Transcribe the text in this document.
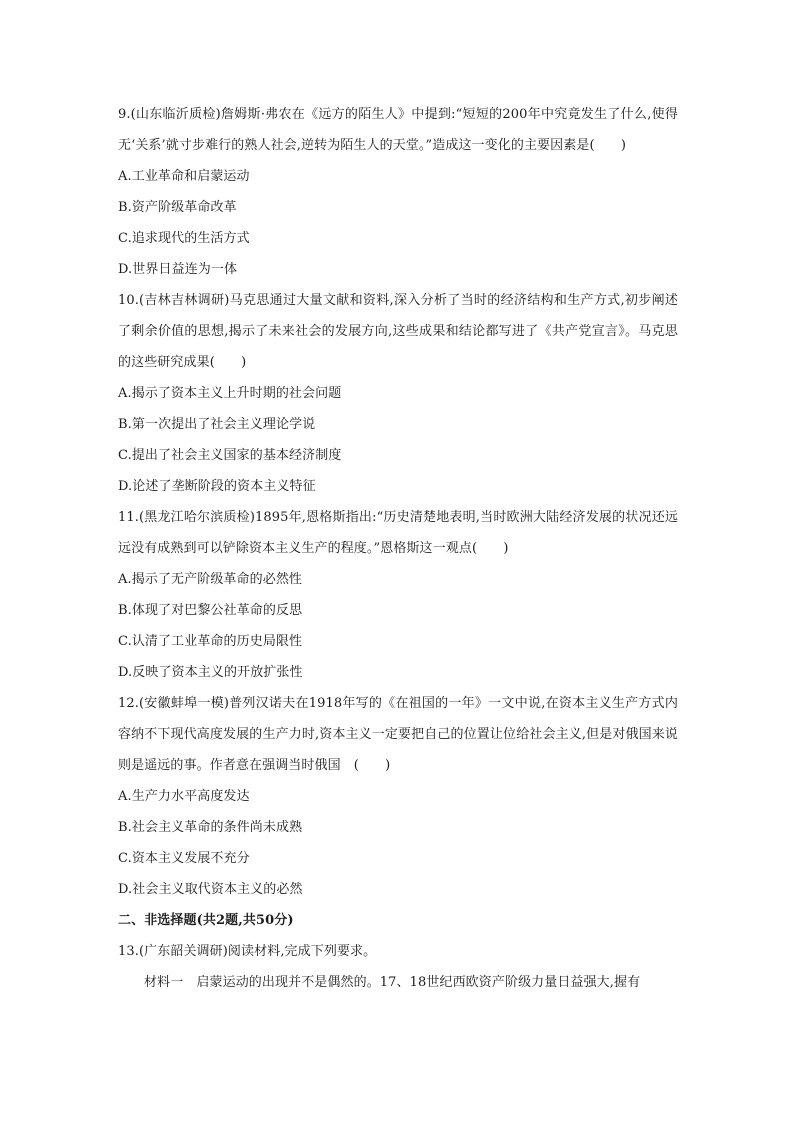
9.(山东临沂质检)詹姆斯·弗农在《远方的陌生人》中提到:“短短的200年中究竟发生了什么,使得无‘关系’就寸步难行的熟人社会,逆转为陌生人的天堂。”造成这一变化的主要因素是(　　)

A.工业革命和启蒙运动

B.资产阶级革命改革

C.追求现代的生活方式

D.世界日益连为一体

10.(吉林吉林调研)马克思通过大量文献和资料,深入分析了当时的经济结构和生产方式,初步阐述了剩余价值的思想,揭示了未来社会的发展方向,这些成果和结论都写进了《共产党宣言》。马克思的这些研究成果(　　)

A.揭示了资本主义上升时期的社会问题

B.第一次提出了社会主义理论学说

C.提出了社会主义国家的基本经济制度

D.论述了垄断阶段的资本主义特征

11.(黑龙江哈尔滨质检)1895年,恩格斯指出:“历史清楚地表明,当时欧洲大陆经济发展的状况还远远没有成熟到可以铲除资本主义生产的程度。”恩格斯这一观点(　　)

A.揭示了无产阶级革命的必然性

B.体现了对巴黎公社革命的反思

C.认清了工业革命的历史局限性

D.反映了资本主义的开放扩张性

12.(安徽蚌埠一模)普列汉诺夫在1918年写的《在祖国的一年》一文中说,在资本主义生产方式内容纳不下现代高度发展的生产力时,资本主义一定要把自己的位置让位给社会主义,但是对俄国来说则是遥远的事。作者意在强调当时俄国　(　　)

A.生产力水平高度发达

B.社会主义革命的条件尚未成熟

C.资本主义发展不充分

D.社会主义取代资本主义的必然

二、非选择题(共2题,共50分)

13.(广东韶关调研)阅读材料,完成下列要求。

材料一　启蒙运动的出现并不是偶然的。17、18世纪西欧资产阶级力量日益强大,握有
